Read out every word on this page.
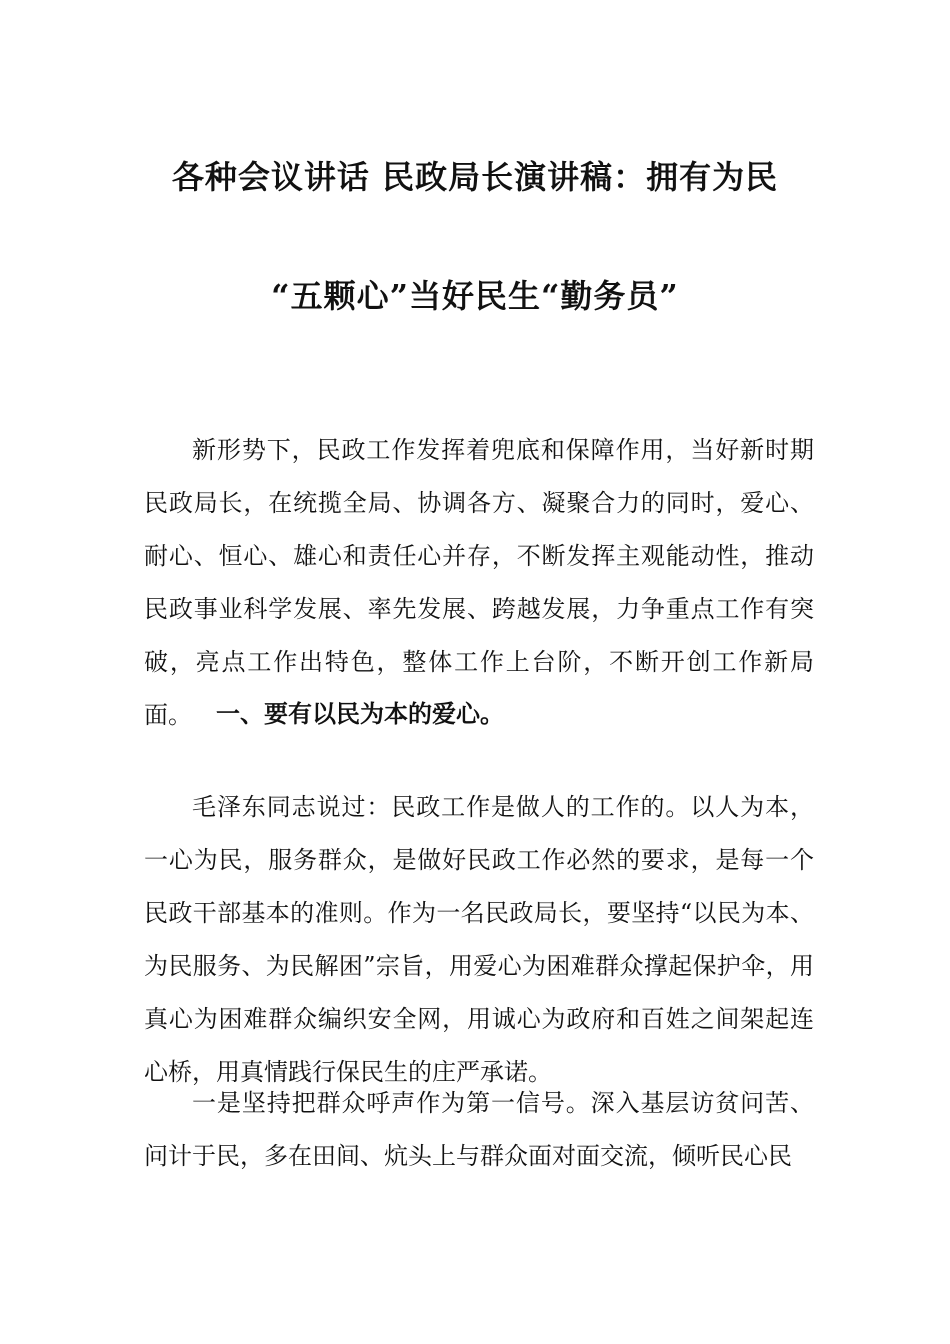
各种会议讲话 民政局长演讲稿：拥有为民
“五颗心”当好民生“勤务员”

新形势下，民政工作发挥着兜底和保障作用，当好新时期民政局长，在统揽全局、协调各方、凝聚合力的同时，爱心、耐心、恒心、雄心和责任心并存，不断发挥主观能动性，推动民政事业科学发展、率先发展、跨越发展，力争重点工作有突破，亮点工作出特色，整体工作上台阶，不断开创工作新局面。	一、要有以民为本的爱心。

毛泽东同志说过：民政工作是做人的工作的。以人为本，一心为民，服务群众，是做好民政工作必然的要求，是每一个民政干部基本的准则。作为一名民政局长，要坚持“以民为本、为民服务、为民解困”宗旨，用爱心为困难群众撑起保护伞，用真心为困难群众编织安全网，用诚心为政府和百姓之间架起连心桥，用真情践行保民生的庄严承诺。

一是坚持把群众呼声作为第一信号。深入基层访贫问苦、问计于民，多在田间、炕头上与群众面对面交流，倾听民心民
